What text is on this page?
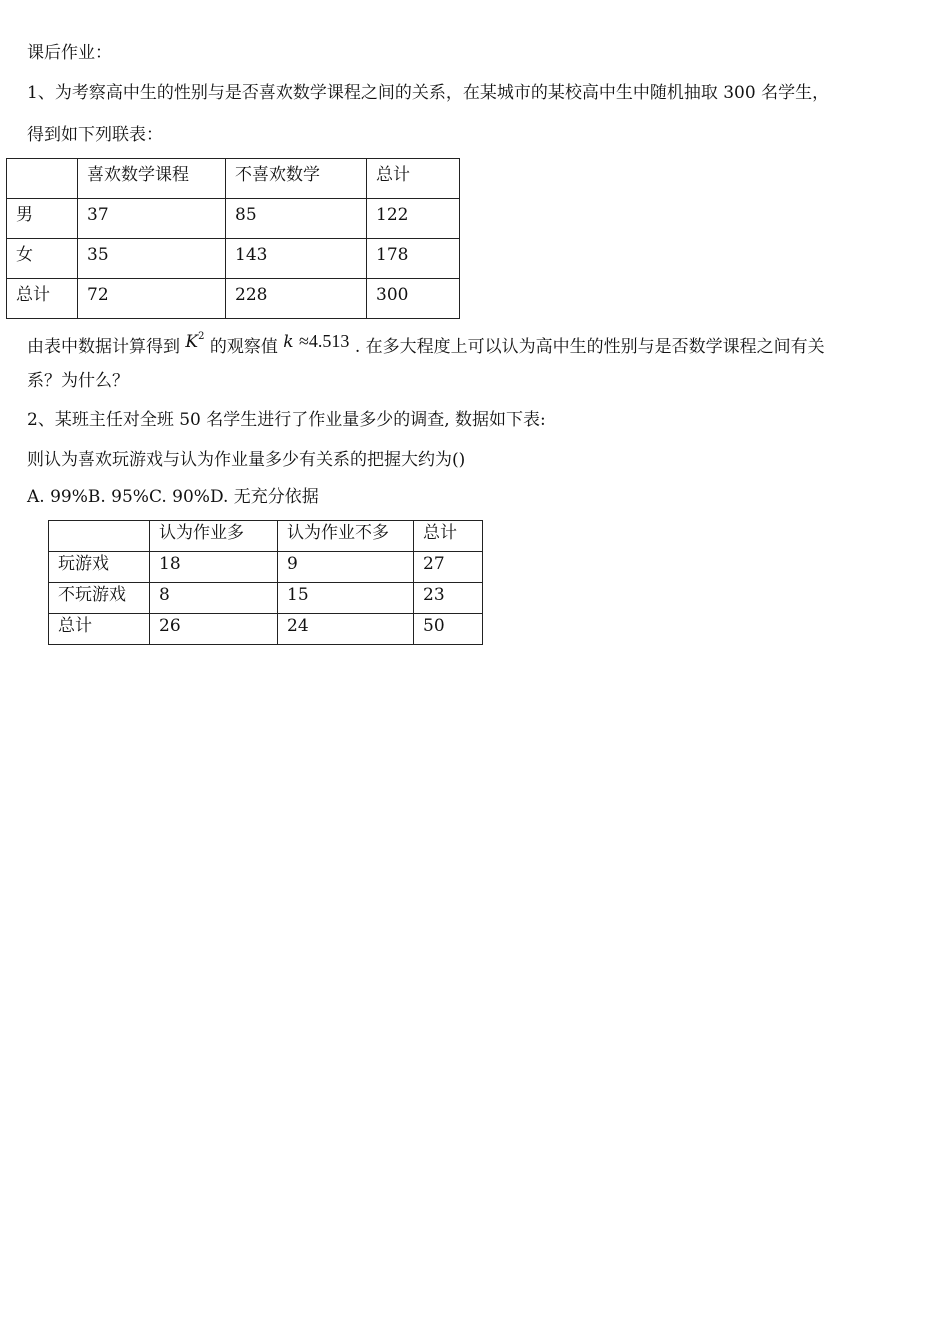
课后作业：
1、为考察高中生的性别与是否喜欢数学课程之间的关系，在某城市的某校高中生中随机抽取 300 名学生，
得到如下列联表：
	喜欢数学课程	不喜欢数学	总计
男	37	85	122
女	35	143	178
总计	72	228	300
由表中数据计算得到 $K^2$ 的观察值 k ≈4.513 . 在多大程度上可以认为高中生的性别与是否数学课程之间有关
系？为什么？
2、某班主任对全班 50 名学生进行了作业量多少的调查, 数据如下表:
则认为喜欢玩游戏与认为作业量多少有关系的把握大约为()
A. 99%B. 95%C. 90%D. 无充分依据
	认为作业多	认为作业不多	总计
玩游戏	18	9	27
不玩游戏	8	15	23
总计	26	24	50
